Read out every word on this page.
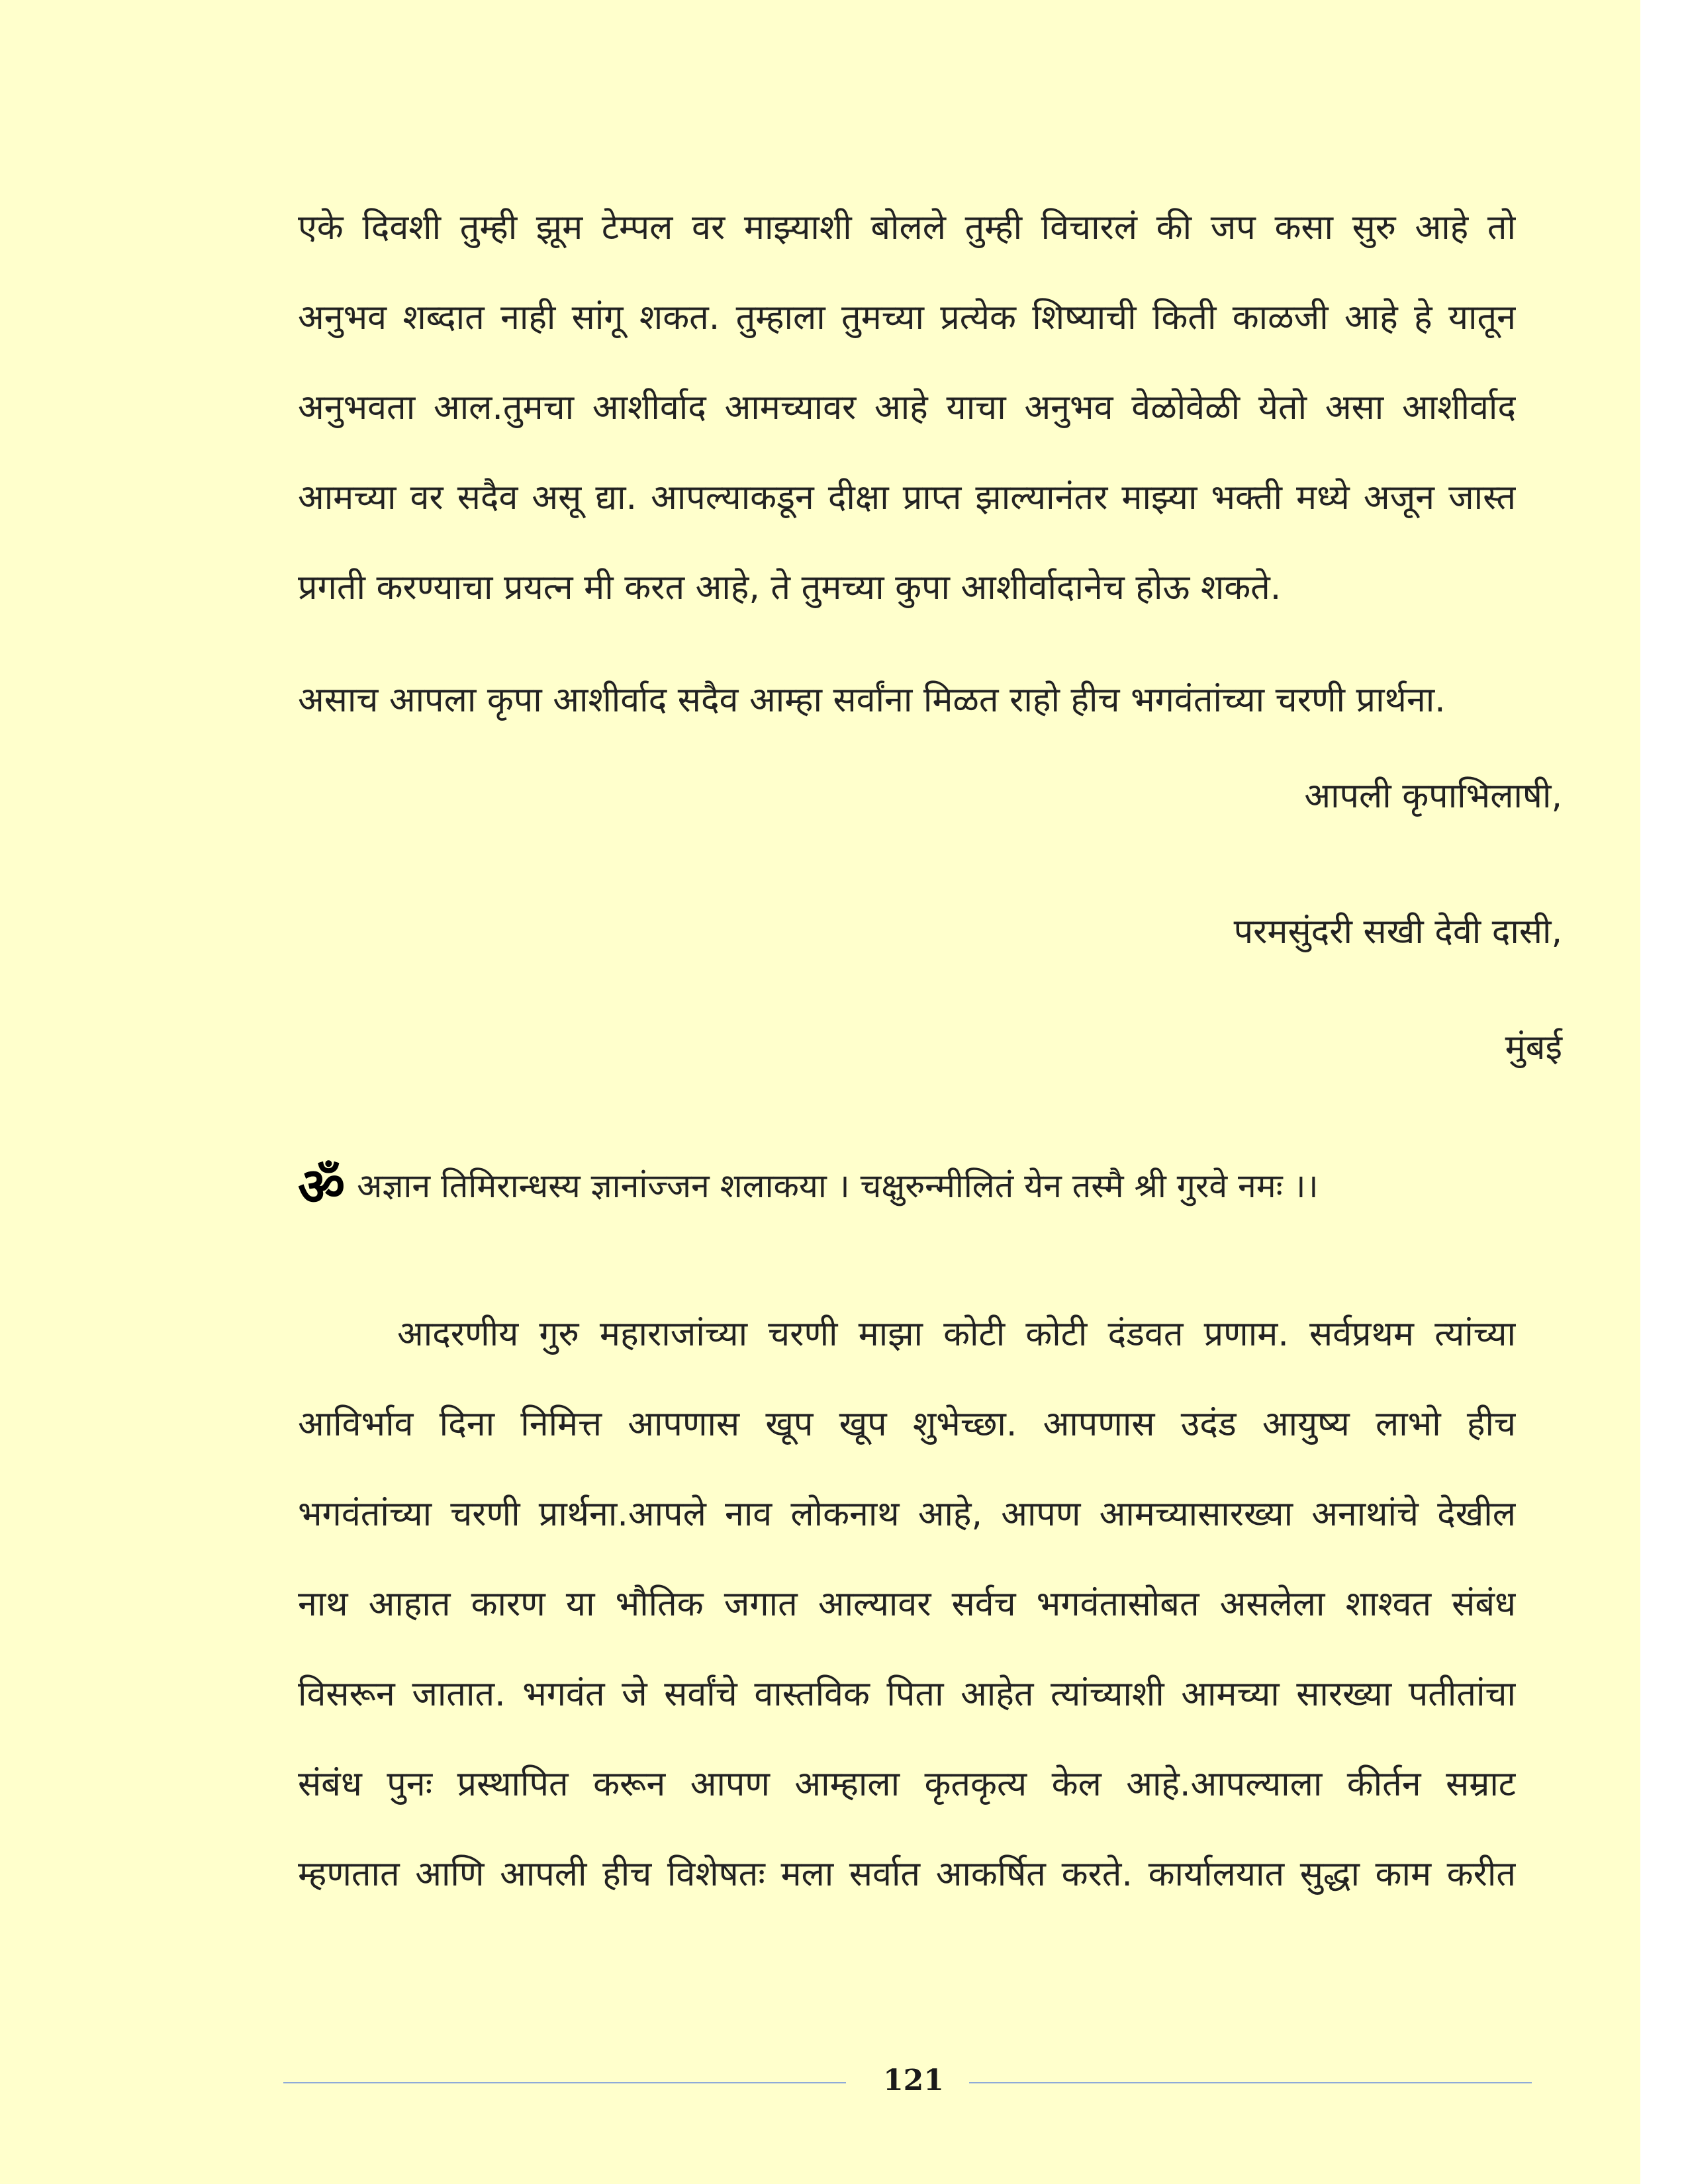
एके दिवशी तुम्ही झूम टेम्पल वर माझ्याशी बोलले तुम्ही विचारलं की जप कसा सुरु आहे तो
अनुभव शब्दात नाही सांगू शकत. तुम्हाला तुमच्या प्रत्येक शिष्याची किती काळजी आहे हे यातून
अनुभवता आल.तुमचा आशीर्वाद आमच्यावर आहे याचा अनुभव वेळोवेळी येतो असा आशीर्वाद
आमच्या वर सदैव असू द्या. आपल्याकडून दीक्षा प्राप्त झाल्यानंतर माझ्या भक्ती मध्ये अजून जास्त
प्रगती करण्याचा प्रयत्न मी करत आहे, ते तुमच्या कुपा आशीर्वादानेच होऊ शकते.
असाच आपला कृपा आशीर्वाद सदैव आम्हा सर्वांना मिळत राहो हीच भगवंतांच्या चरणी प्रार्थना.
आपली कृपाभिलाषी,
परमसुंदरी सखी देवी दासी,
मुंबई
ॐ अज्ञान तिमिरान्धस्य ज्ञानांज्जन शलाकया । चक्षुरुन्मीलितं येन तस्मै श्री गुरवे नमः ।।
आदरणीय गुरु महाराजांच्या चरणी माझा कोटी कोटी दंडवत प्रणाम. सर्वप्रथम त्यांच्या
आविर्भाव दिना निमित्त आपणास खूप खूप शुभेच्छा. आपणास उदंड आयुष्य लाभो हीच
भगवंतांच्या चरणी प्रार्थना.आपले नाव लोकनाथ आहे, आपण आमच्यासारख्या अनाथांचे देखील
नाथ आहात कारण या भौतिक जगात आल्यावर सर्वच भगवंतासोबत असलेला शाश्वत संबंध
विसरून जातात. भगवंत जे सर्वांचे वास्तविक पिता आहेत त्यांच्याशी आमच्या सारख्या पतीतांचा
संबंध पुनः प्रस्थापित करून आपण आम्हाला कृतकृत्य केल आहे.आपल्याला कीर्तन सम्राट
म्हणतात आणि आपली हीच विशेषतः मला सर्वात आकर्षित करते. कार्यालयात सुद्धा काम करीत
121
